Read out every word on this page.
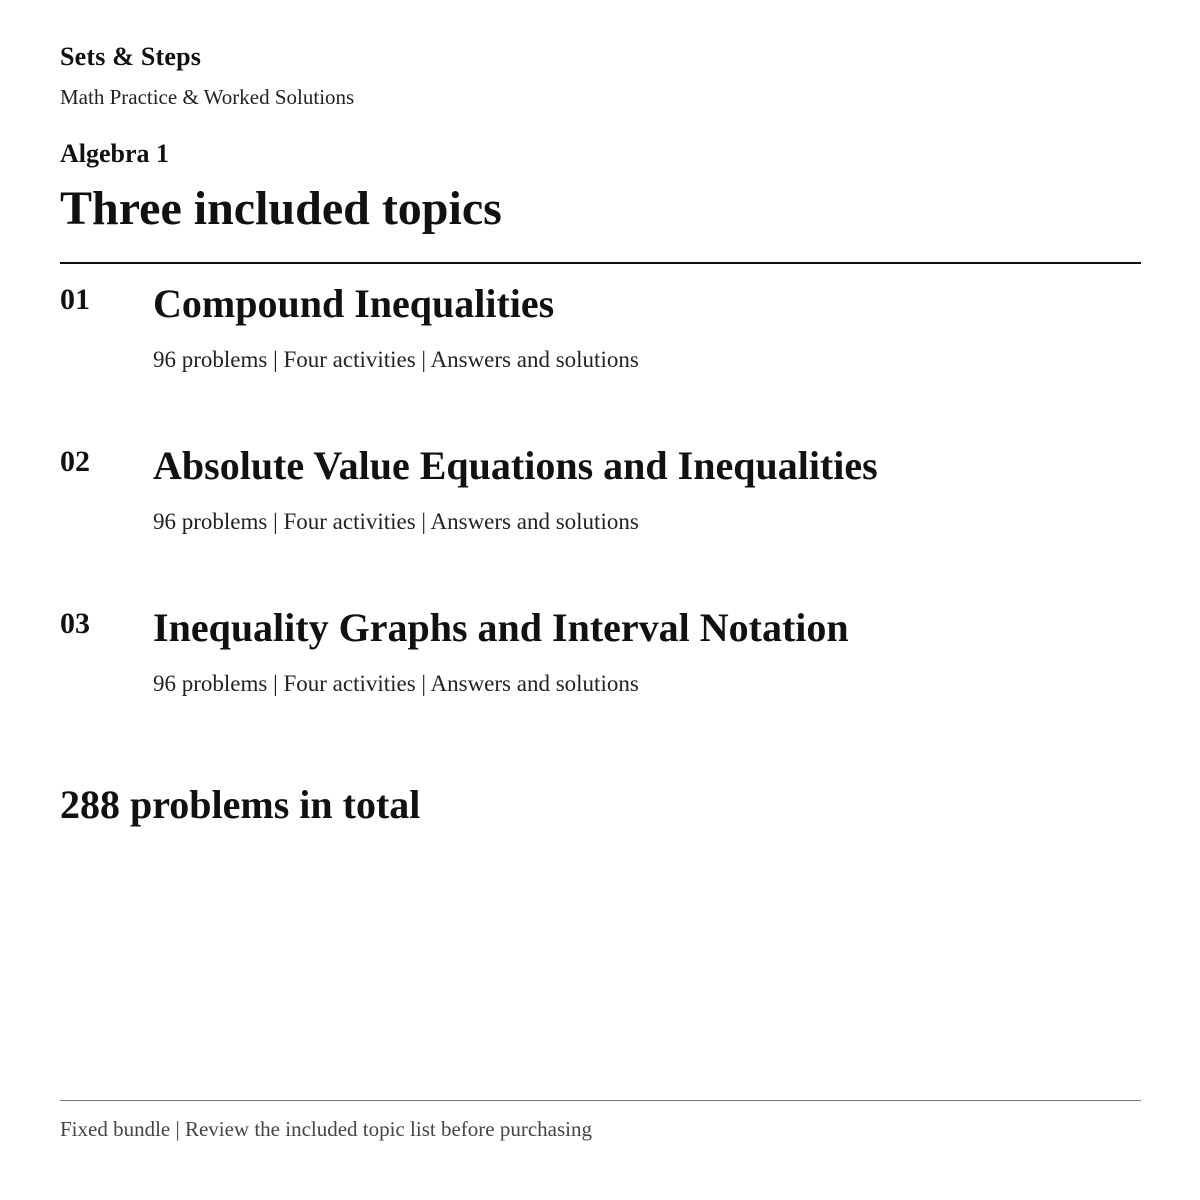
Sets & Steps
Math Practice & Worked Solutions
Algebra 1
Three included topics
01 Compound Inequalities
96 problems | Four activities | Answers and solutions
02 Absolute Value Equations and Inequalities
96 problems | Four activities | Answers and solutions
03 Inequality Graphs and Interval Notation
96 problems | Four activities | Answers and solutions
288 problems in total
Fixed bundle | Review the included topic list before purchasing
